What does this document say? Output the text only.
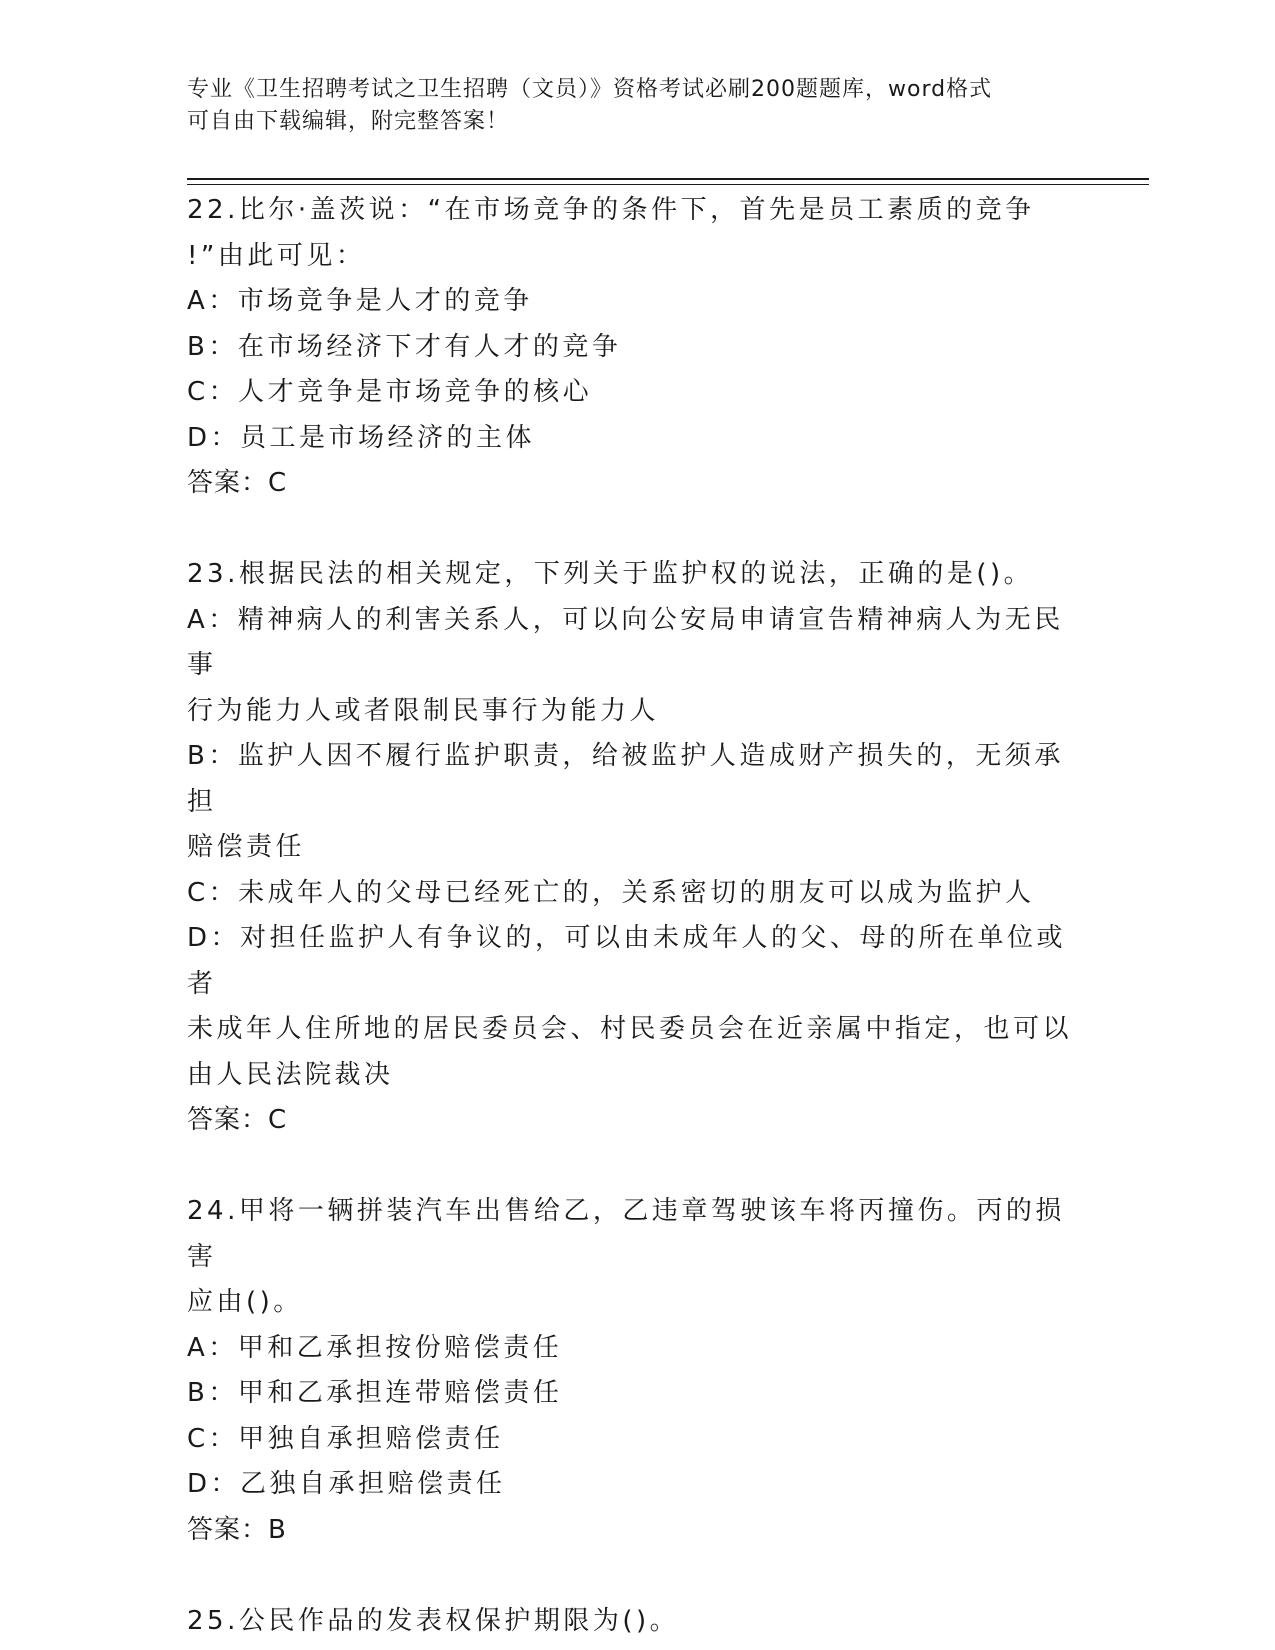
专业《卫生招聘考试之卫生招聘（文员）》资格考试必刷200题题库，word格式
可自由下载编辑，附完整答案！
22.比尔·盖茨说：“在市场竞争的条件下，首先是员工素质的竞争
!”由此可见：
A：市场竞争是人才的竞争
B：在市场经济下才有人才的竞争
C：人才竞争是市场竞争的核心
D：员工是市场经济的主体
答案：C
23.根据民法的相关规定，下列关于监护权的说法，正确的是()。
A：精神病人的利害关系人，可以向公安局申请宣告精神病人为无民事
行为能力人或者限制民事行为能力人
B：监护人因不履行监护职责，给被监护人造成财产损失的，无须承担
赔偿责任
C：未成年人的父母已经死亡的，关系密切的朋友可以成为监护人
D：对担任监护人有争议的，可以由未成年人的父、母的所在单位或者
未成年人住所地的居民委员会、村民委员会在近亲属中指定，也可以
由人民法院裁决
答案：C
24.甲将一辆拼装汽车出售给乙，乙违章驾驶该车将丙撞伤。丙的损害
应由()。
A：甲和乙承担按份赔偿责任
B：甲和乙承担连带赔偿责任
C：甲独自承担赔偿责任
D：乙独自承担赔偿责任
答案：B
25.公民作品的发表权保护期限为()。
